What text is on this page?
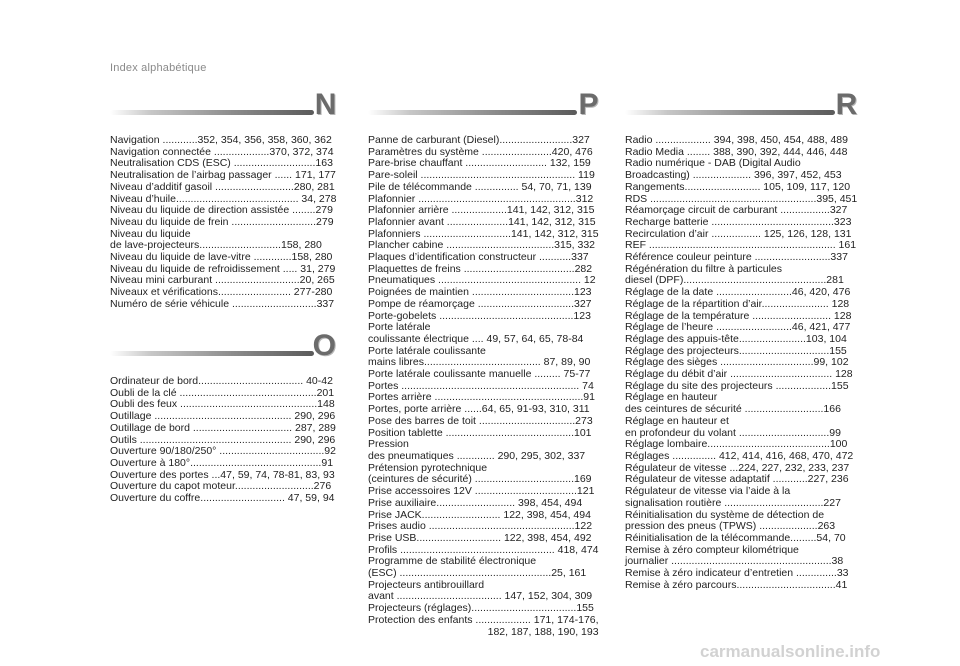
Index alphabétique
N
Navigation ............352, 354, 356, 358, 360, 362
Navigation connectée ...................370, 372, 374
Neutralisation CDS (ESC) ............................163
Neutralisation de l’airbag passager ...... 171, 177
Niveau d’additif gasoil ...........................280, 281
Niveau d’huile.......................................... 34, 278
Niveau du liquide de direction assistée ........279
Niveau du liquide de frein .............................279
Niveau du liquide
de lave-projecteurs............................158, 280
Niveau du liquide de lave-vitre .............158, 280
Niveau du liquide de refroidissement ..... 31, 279
Niveau mini carburant .............................20, 265
Niveaux et vérifications......................... 277-280
Numéro de série véhicule .............................337
O
Ordinateur de bord.................................... 40-42
Oubli de la clé ...............................................201
Oubli des feux ...............................................148
Outillage ............................................... 290, 296
Outillage de bord .................................. 287, 289
Outils .................................................... 290, 296
Ouverture 90/180/250° ....................................92
Ouverture à 180°.............................................91
Ouverture des portes ...47, 59, 74, 78-81, 83, 93
Ouverture du capot moteur...........................276
Ouverture du coffre............................. 47, 59, 94
P
Panne de carburant (Diesel).........................327
Paramètres du système ........................420, 476
Pare-brise chauffant ............................ 132, 159
Pare-soleil ..................................................... 119
Pile de télécommande ............... 54, 70, 71, 139
Plafonnier ......................................................312
Plafonnier arrière ...................141, 142, 312, 315
Plafonnier avant .....................141, 142, 312, 315
Plafonniers ..............................141, 142, 312, 315
Plancher cabine .....................................315, 332
Plaques d’identification constructeur ...........337
Plaquettes de freins ......................................282
Pneumatiques ................................................. 12
Poignées de maintien ...................................123
Pompe de réamorçage .................................327
Porte-gobelets ..............................................123
Porte latérale
coulissante électrique .... 49, 57, 64, 65, 78-84
Porte latérale coulissante
mains libres........................................ 87, 89, 90
Porte latérale coulissante manuelle ......... 75-77
Portes ............................................................. 74
Portes arrière ...................................................91
Portes, porte arrière ......64, 65, 91-93, 310, 311
Pose des barres de toit .................................273
Position tablette ............................................101
Pression
des pneumatiques ............. 290, 295, 302, 337
Prétension pyrotechnique
(ceintures de sécurité) ..................................169
Prise accessoires 12V ...................................121
Prise auxiliaire........................... 398, 454, 494
Prise JACK........................... 122, 398, 454, 494
Prises audio ..................................................122
Prise USB............................. 122, 398, 454, 492
Profils ..................................................... 418, 474
Programme de stabilité électronique
(ESC) ....................................................25, 161
Projecteurs antibrouillard
avant .................................... 147, 152, 304, 309
Projecteurs (réglages)....................................155
Protection des enfants ................... 171, 174-176,
182, 187, 188, 190, 193
R
Radio ................... 394, 398, 450, 454, 488, 489
Radio Media ........ 388, 390, 392, 444, 446, 448
Radio numérique - DAB (Digital Audio
Broadcasting) .................... 396, 397, 452, 453
Rangements.......................... 105, 109, 117, 120
RDS .........................................................395, 451
Réamorçage circuit de carburant .................327
Recharge batterie ..........................................323
Recirculation d’air ................. 125, 126, 128, 131
REF ................................................................ 161
Référence couleur peinture ..........................337
Régénération du filtre à particules
diesel (DPF).................................................281
Réglage de la date ..........................46, 420, 476
Réglage de la répartition d’air....................... 128
Réglage de la température ........................... 128
Réglage de l’heure ..........................46, 421, 477
Réglage des appuis-tête.......................103, 104
Réglage des projecteurs...............................155
Réglage des sièges ................................99, 102
Réglage du débit d’air ................................... 128
Réglage du site des projecteurs ...................155
Réglage en hauteur
des ceintures de sécurité ...........................166
Réglage en hauteur et
en profondeur du volant ...............................99
Réglage lombaire..........................................100
Réglages ............... 412, 414, 416, 468, 470, 472
Régulateur de vitesse ...224, 227, 232, 233, 237
Régulateur de vitesse adaptatif ............227, 236
Régulateur de vitesse via l’aide à la
signalisation routière ..................................227
Réinitialisation du système de détection de
pression des pneus (TPWS) ....................263
Réinitialisation de la télécommande.........54, 70
Remise à zéro compteur kilométrique
journalier .......................................................38
Remise à zéro indicateur d’entretien ..............33
Remise à zéro parcours..................................41
carmanualsonline.info
